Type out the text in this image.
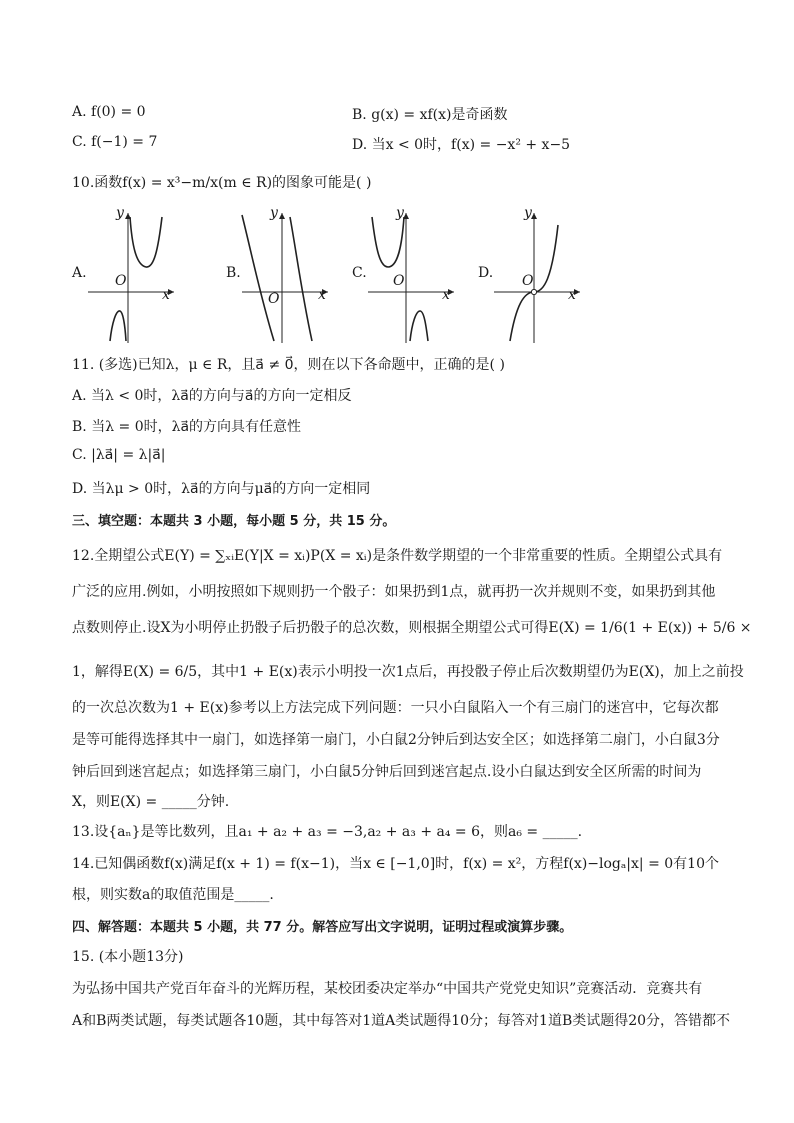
A. f(0) = 0	B. g(x) = xf(x)是奇函数
C. f(−1) = 7	D. 当x < 0时，f(x) = −x² + x−5
10.函数f(x) = x³−m/x(m ∈ R)的图象可能是( )
A.
y
x
O	B.
y
x
O
C.
y
x
O	D.
y
x
O
11. (多选)已知λ，μ ∈ R，且a⃗ ≠ 0⃗，则在以下各命题中，正确的是( )
A. 当λ < 0时，λa⃗的方向与a⃗的方向一定相反
B. 当λ = 0时，λa⃗的方向具有任意性
C. |λa⃗| = λ|a⃗|
D. 当λμ > 0时，λa⃗的方向与μa⃗的方向一定相同
三、填空题：本题共 3 小题，每小题 5 分，共 15 分。
12.全期望公式E(Y) = ∑ₓᵢE(Y|X = xᵢ)P(X = xᵢ)是条件数学期望的一个非常重要的性质。全期望公式具有
广泛的应用.例如，小明按照如下规则扔一个骰子：如果扔到1点，就再扔一次并规则不变，如果扔到其他
点数则停止.设X为小明停止扔骰子后扔骰子的总次数，则根据全期望公式可得E(X) = 1/6(1 + E(x)) + 5/6 ×
1，解得E(X) = 6/5，其中1 + E(x)表示小明投一次1点后，再投骰子停止后次数期望仍为E(X)，加上之前投
的一次总次数为1 + E(x)参考以上方法完成下列问题：一只小白鼠陷入一个有三扇门的迷宫中，它每次都
是等可能得选择其中一扇门，如选择第一扇门，小白鼠2分钟后到达安全区；如选择第二扇门，小白鼠3分
钟后回到迷宫起点；如选择第三扇门，小白鼠5分钟后回到迷宫起点.设小白鼠达到安全区所需的时间为
X，则E(X) = _____分钟.
13.设{aₙ}是等比数列，且a₁ + a₂ + a₃ = −3,a₂ + a₃ + a₄ = 6，则a₆ = _____.
14.已知偶函数f(x)满足f(x + 1) = f(x−1)，当x ∈ [−1,0]时，f(x) = x²，方程f(x)−logₐ|x| = 0有10个
根，则实数a的取值范围是_____.
四、解答题：本题共 5 小题，共 77 分。解答应写出文字说明，证明过程或演算步骤。
15. (本小题13分)
为弘扬中国共产党百年奋斗的光辉历程，某校团委决定举办“中国共产党党史知识”竞赛活动．竞赛共有
A和B两类试题，每类试题各10题，其中每答对1道A类试题得10分；每答对1道B类试题得20分，答错都不
